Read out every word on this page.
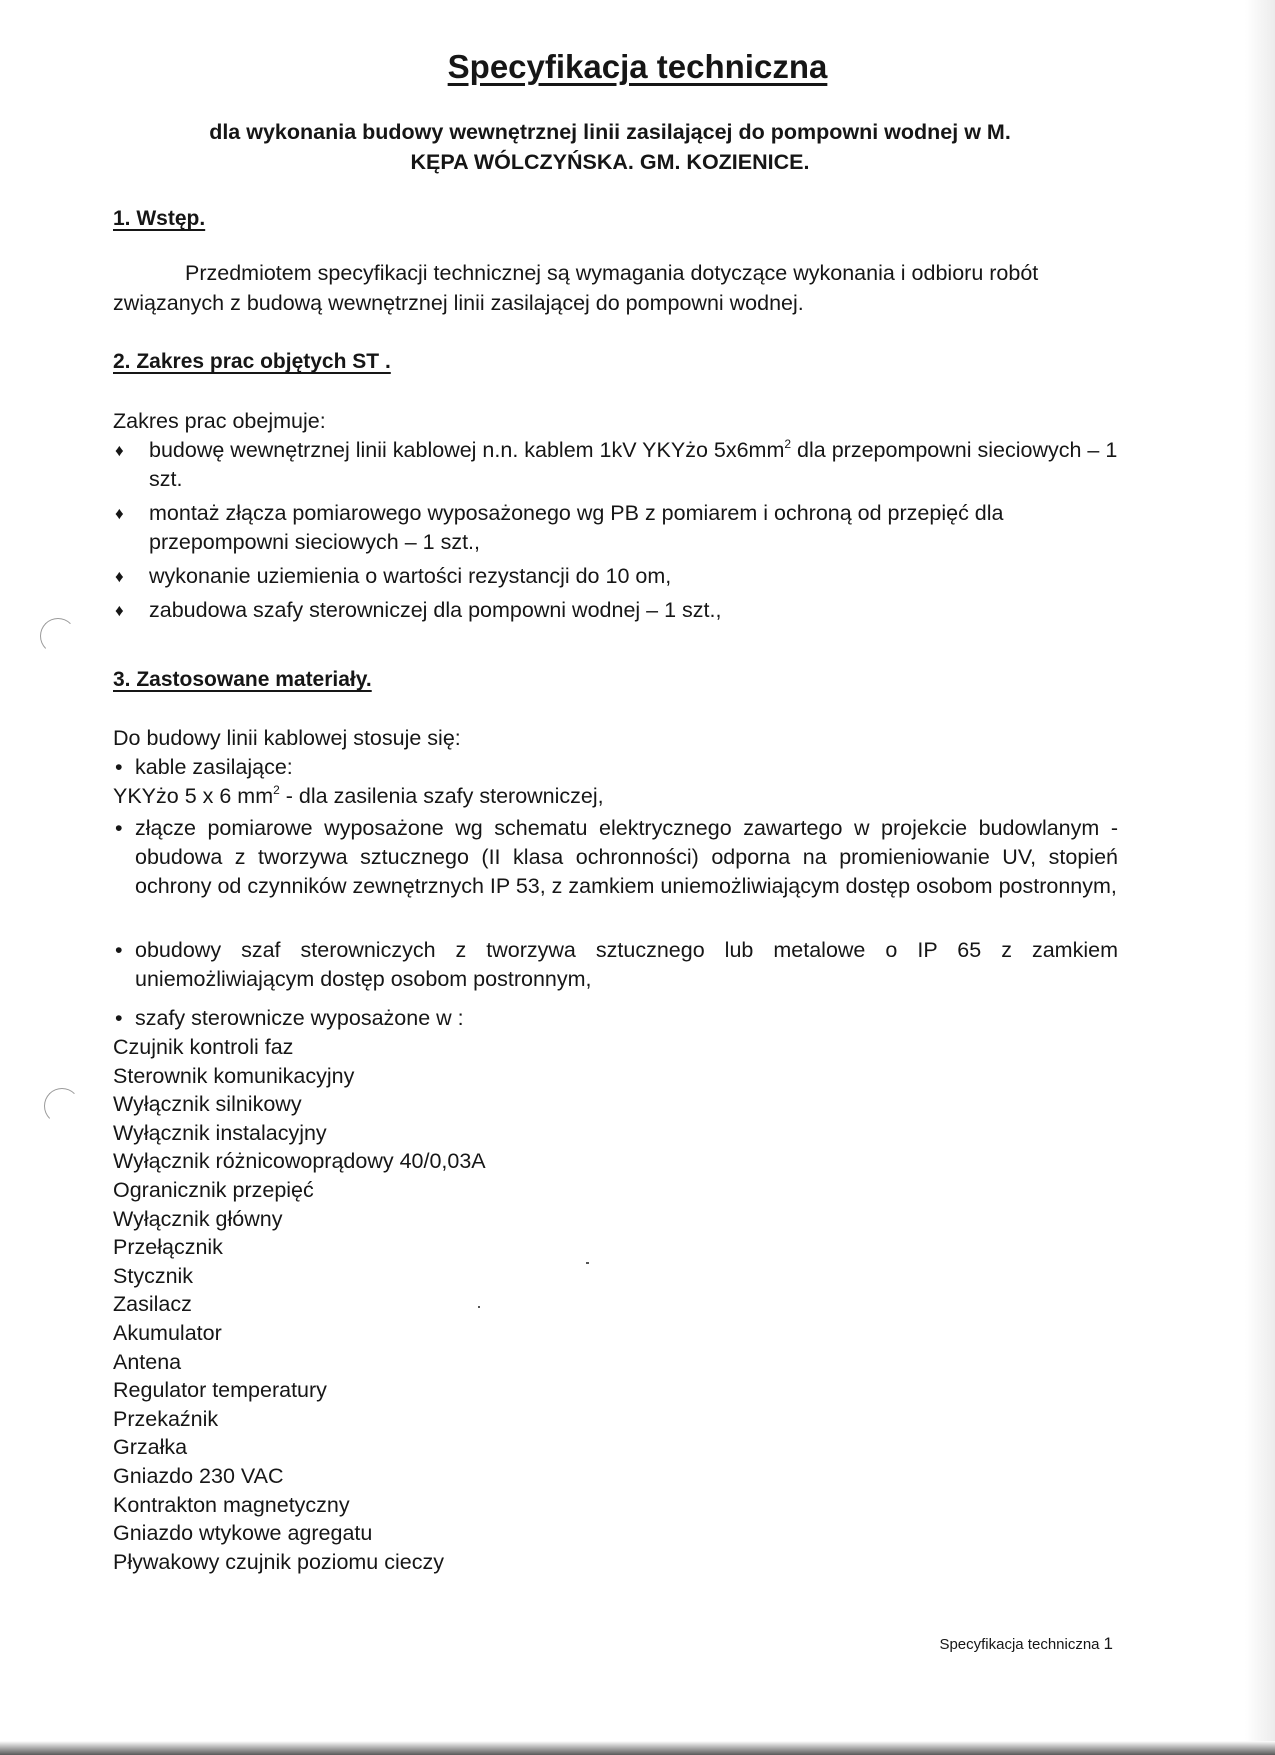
Specyfikacja techniczna
dla wykonania budowy wewnętrznej linii zasilającej do pompowni wodnej w M.
KĘPA WÓLCZYŃSKA. GM. KOZIENICE.
1. Wstęp.

Przedmiotem specyfikacji technicznej są wymagania dotyczące wykonania i odbioru robót związanych z budową wewnętrznej linii zasilającej do pompowni wodnej.

2. Zakres prac objętych ST .

Zakres prac obejmuje:

♦ budowę wewnętrznej linii kablowej n.n. kablem 1kV YKYżo $5x6mm^2$ dla przepompowni sieciowych – 1 szt.
♦ montaż złącza pomiarowego wyposażonego wg PB z pomiarem i ochroną od przepięć dla przepompowni sieciowych – 1 szt.,
♦ wykonanie uziemienia o wartości rezystancji do 10 om,
♦ zabudowa szafy sterowniczej dla pompowni wodnej – 1 szt.,
3. Zastosowane materiały.

Do budowy linii kablowej stosuje się:

• kable zasilające:
YKYżo 5 x 6 $mm^2$ - dla zasilenia szafy sterowniczej,
• złącze pomiarowe wyposażone wg schematu elektrycznego zawartego w projekcie budowlanym - obudowa z tworzywa sztucznego (II klasa ochronności) odporna na promieniowanie UV, stopień ochrony od czynników zewnętrznych IP 53, z zamkiem uniemożliwiającym dostęp osobom postronnym,
• obudowy szaf sterowniczych z tworzywa sztucznego lub metalowe o IP 65 z zamkiem uniemożliwiającym dostęp osobom postronnym,
• szafy sterownicze wyposażone w :
Czujnik kontroli faz
Sterownik komunikacyjny
Wyłącznik silnikowy
Wyłącznik instalacyjny
Wyłącznik różnicowoprądowy 40/0,03A
Ogranicznik przepięć
Wyłącznik główny
Przełącznik
Stycznik
Zasilacz
Akumulator
Antena
Regulator temperatury
Przekaźnik
Grzałka
Gniazdo 230 VAC
Kontrakton magnetyczny
Gniazdo wtykowe agregatu
Pływakowy czujnik poziomu cieczy
Specyfikacja techniczna 1
